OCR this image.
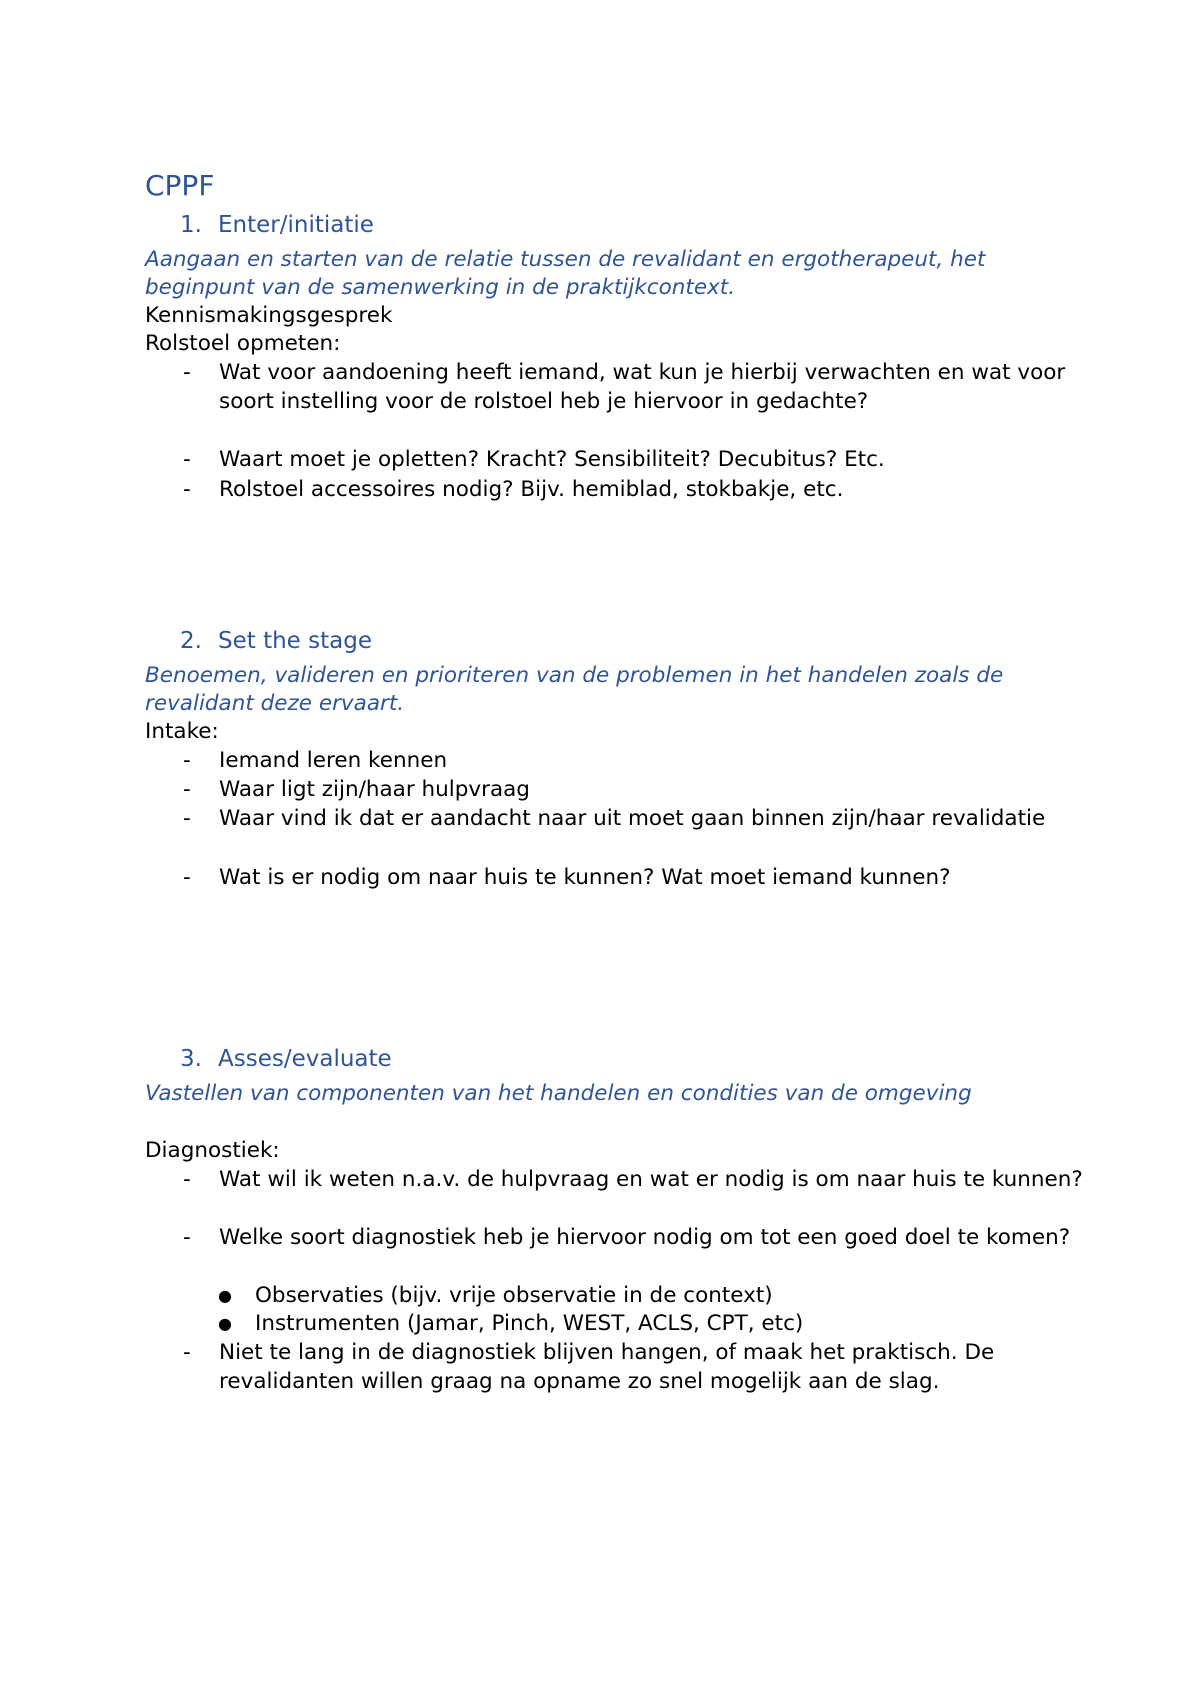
CPPF
1. Enter/initiatie

Aangaan en starten van de relatie tussen de revalidant en ergotherapeut, het beginpunt van de samenwerking in de praktijkcontext.

Kennismakingsgesprek

Rolstoel opmeten:

- Wat voor aandoening heeft iemand, wat kun je hierbij verwachten en wat voor soort instelling voor de rolstoel heb je hiervoor in gedachte?
- Waart moet je opletten? Kracht? Sensibiliteit? Decubitus? Etc.
- Rolstoel accessoires nodig? Bijv. hemiblad, stokbakje, etc.
2. Set the stage

Benoemen, valideren en prioriteren van de problemen in het handelen zoals de revalidant deze ervaart.

Intake:

- Iemand leren kennen
- Waar ligt zijn/haar hulpvraag
- Waar vind ik dat er aandacht naar uit moet gaan binnen zijn/haar revalidatie
- Wat is er nodig om naar huis te kunnen? Wat moet iemand kunnen?
3. Asses/evaluate

Vastellen van componenten van het handelen en condities van de omgeving

Diagnostiek:

- Wat wil ik weten n.a.v. de hulpvraag en wat er nodig is om naar huis te kunnen?
- Welke soort diagnostiek heb je hiervoor nodig om tot een goed doel te komen?
● Observaties (bijv. vrije observatie in de context)
● Instrumenten (Jamar, Pinch, WEST, ACLS, CPT, etc)
- Niet te lang in de diagnostiek blijven hangen, of maak het praktisch. De revalidanten willen graag na opname zo snel mogelijk aan de slag.
